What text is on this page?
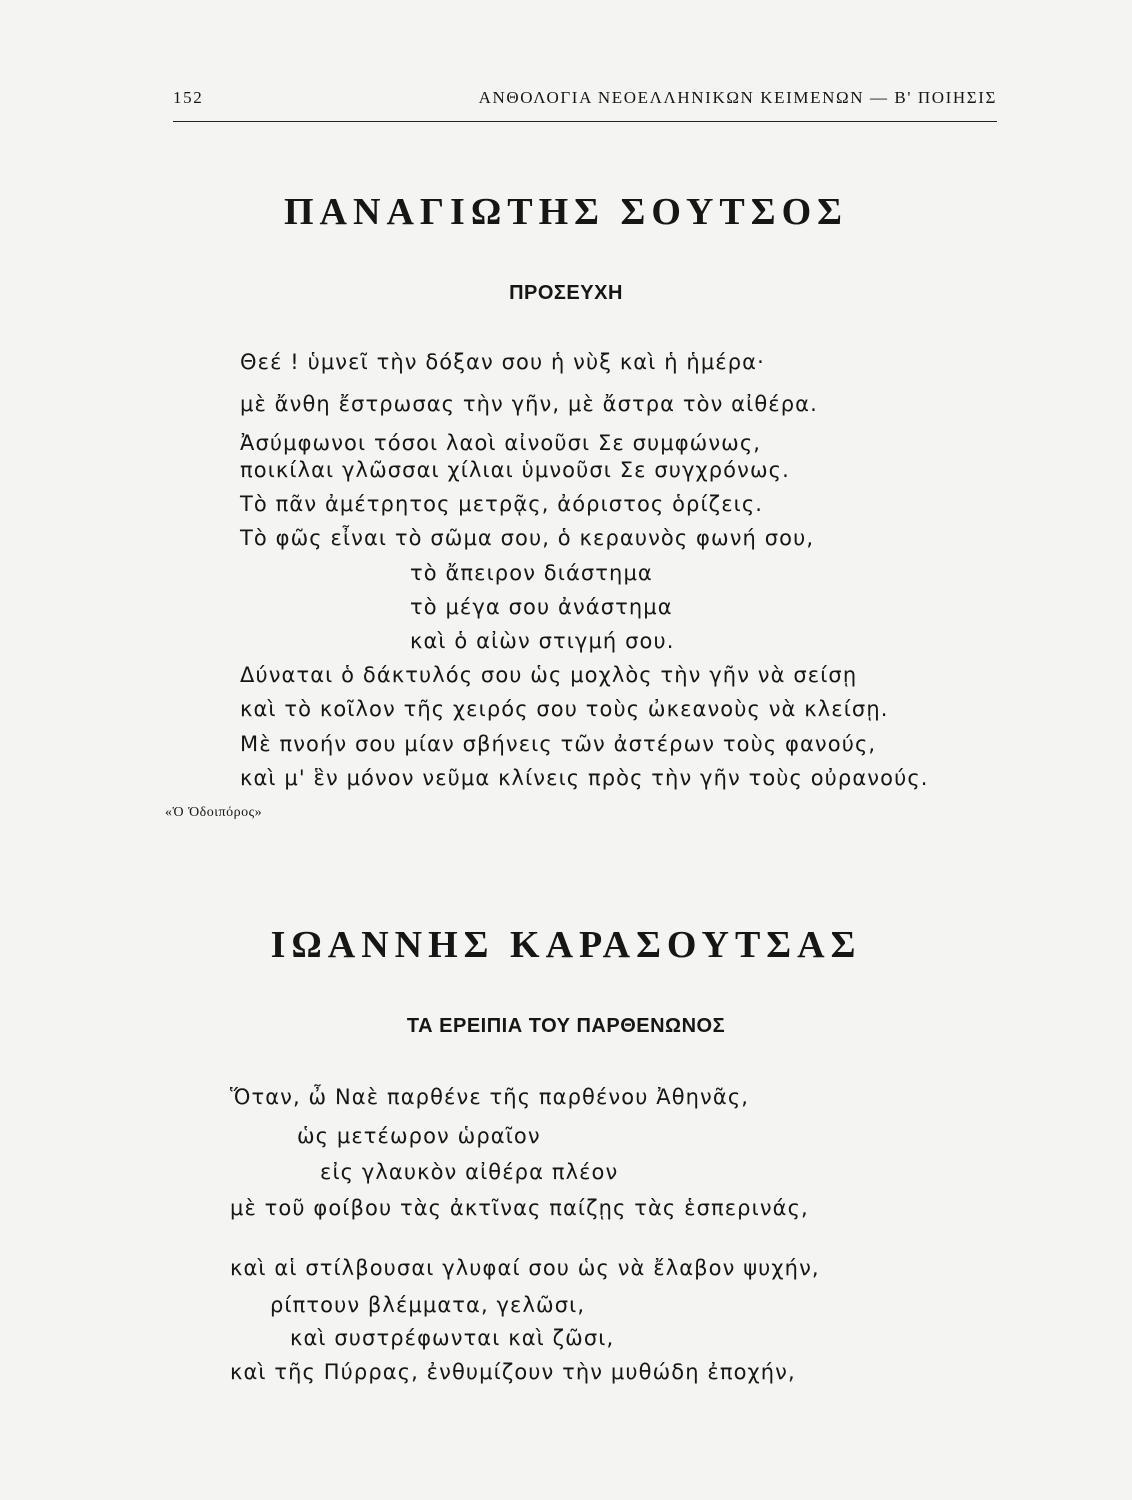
152	ΑΝΘΟΛΟΓΙΑ ΝΕΟΕΛΛΗΝΙΚΩΝ ΚΕΙΜΕΝΩΝ — Β' ΠΟΙΗΣΙΣ
ΠΑΝΑΓΙΩΤΗΣ ΣΟΥΤΣΟΣ
ΠΡΟΣΕΥΧΗ
Θεέ ! ὑμνεῖ τὴν δόξαν σου ἡ νὺξ καὶ ἡ ἡμέρα·
μὲ ἄνθη ἔστρωσας τὴν γῆν, μὲ ἄστρα τὸν αἰθέρα.
Ἀσύμφωνοι τόσοι λαοὶ αἰνοῦσι Σε συμφώνως,
ποικίλαι γλῶσσαι χίλιαι ὑμνοῦσι Σε συγχρόνως.
Τὸ πᾶν ἀμέτρητος μετρᾷς, ἀόριστος ὁρίζεις.
Τὸ φῶς εἶναι τὸ σῶμα σου, ὁ κεραυνὸς φωνή σου,
τὸ ἄπειρον διάστημα
τὸ μέγα σου ἀνάστημα
καὶ ὁ αἰὼν στιγμή σου.
Δύναται ὁ δάκτυλός σου ὡς μοχλὸς τὴν γῆν νὰ σείσῃ
καὶ τὸ κοῖλον τῆς χειρός σου τοὺς ὠκεανοὺς νὰ κλείσῃ.
Μὲ πνοήν σου μίαν σβήνεις τῶν ἀστέρων τοὺς φανούς,
καὶ μ' ἓν μόνον νεῦμα κλίνεις πρὸς τὴν γῆν τοὺς οὐρανούς.
«Ὁ Ὁδοιπόρος»
ΙΩΑΝΝΗΣ ΚΑΡΑΣΟΥΤΣΑΣ
ΤΑ ΕΡΕΙΠΙΑ ΤΟΥ ΠΑΡΘΕΝΩΝΟΣ
Ὅταν, ὦ Ναὲ παρθένε τῆς παρθένου Ἀθηνᾶς,
ὡς μετέωρον ὡραῖον
εἰς γλαυκὸν αἰθέρα πλέον
μὲ τοῦ φοίβου τὰς ἀκτῖνας παίζῃς τὰς ἑσπερινάς,
καὶ αἱ στίλβουσαι γλυφαί σου ὡς νὰ ἔλαβον ψυχήν,
ρίπτουν βλέμματα, γελῶσι,
καὶ συστρέφωνται καὶ ζῶσι,
καὶ τῆς Πύρρας, ἐνθυμίζουν τὴν μυθώδη ἐποχήν,
